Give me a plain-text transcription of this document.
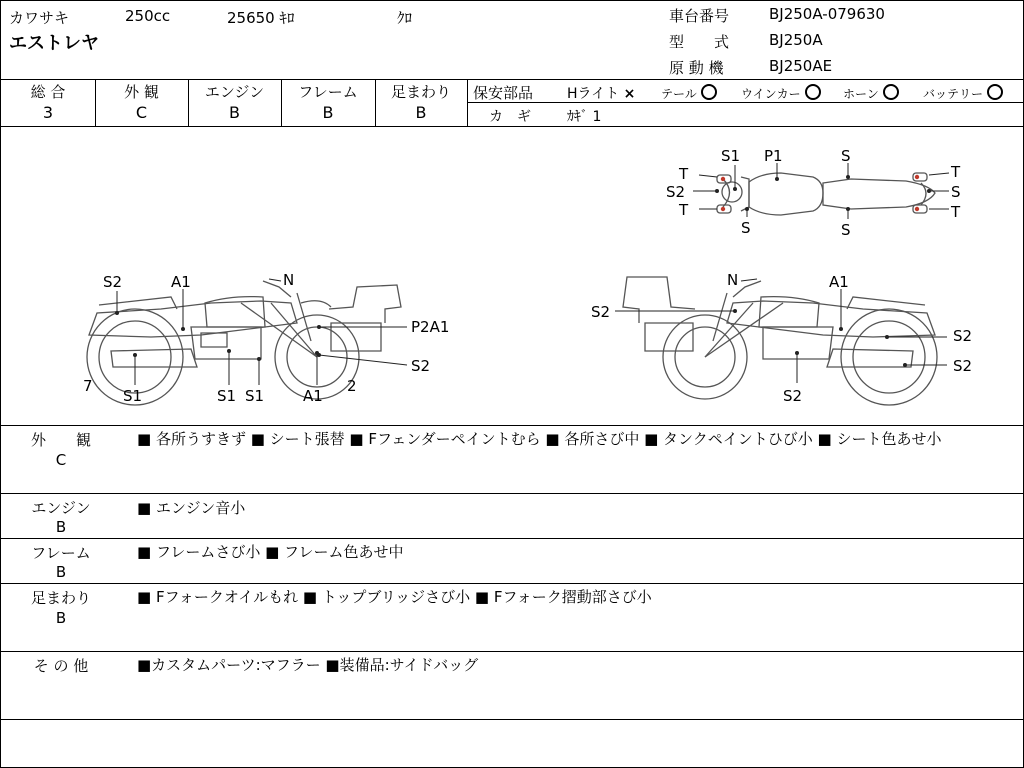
カワサキ	250cc	25650 ｷﾛ	ｸﾛ
エストレヤ
車台番号	BJ250A-079630
型　　式	BJ250A
原 動 機	BJ250AE
総 合
3
外 観
C
エンジン
B
フレーム
B
足まわり
B
保安部品 Hライト × テール	ウインカー	ホーン	バッテリー
カ　ギ	ｶｷﾞ 1
S1 P1	S
T
S2
T
S	S
T
S
T
S2	A1	N
P2A1
S2
7
S1	S1 S1	A1
2
N	A1
S2
S2
S2
S2
外　　観
C
■ 各所うすきず ■ シート張替 ■ Fフェンダーペイントむら ■ 各所さび中 ■ タンクペイントひび小 ■ シート色あせ小
エンジン
B
■ エンジン音小
フレーム
B
■ フレームさび小 ■ フレーム色あせ中
足まわり
B
■ Fフォークオイルもれ ■ トップブリッジさび小 ■ Fフォーク摺動部さび小
そ の 他	■カスタムパーツ:マフラー ■装備品:サイドバッグ
